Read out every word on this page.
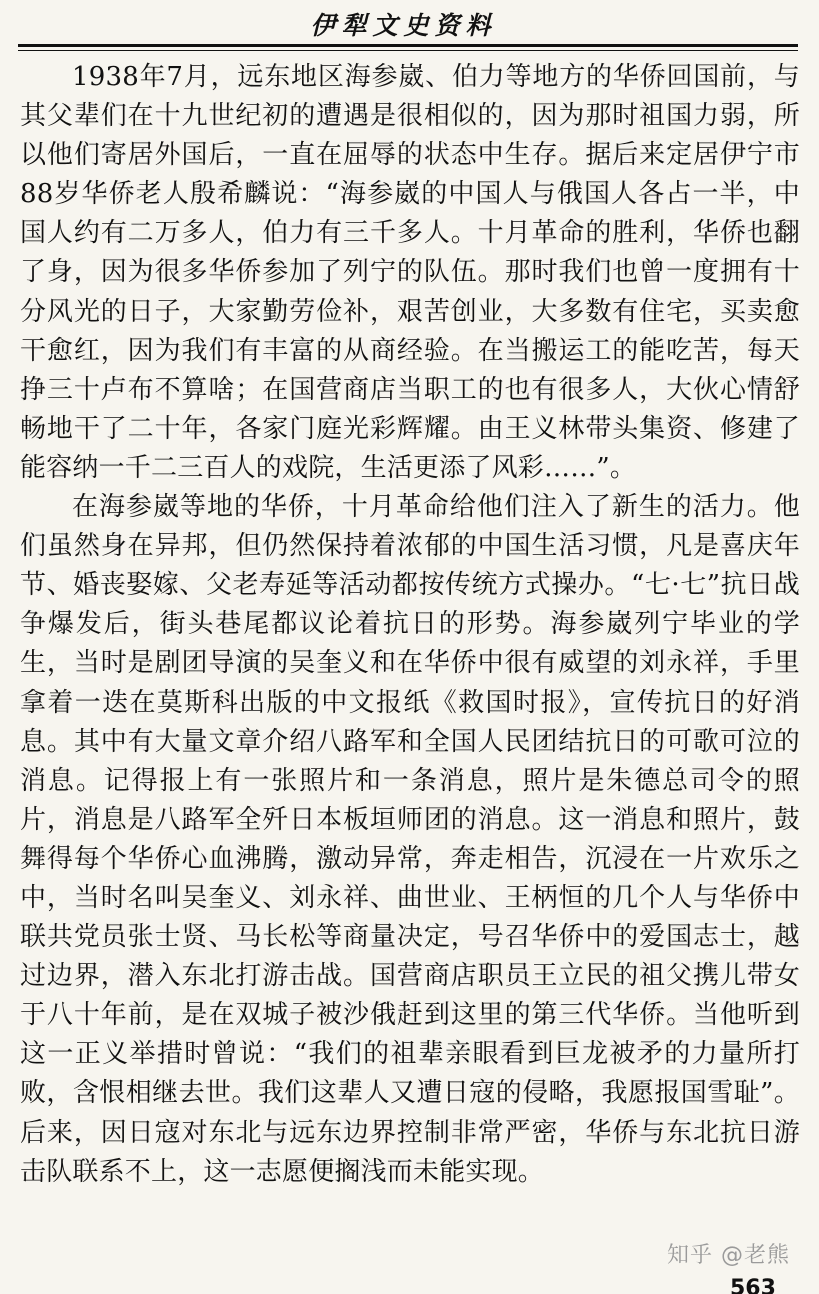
伊犁文史资料

1938年7月，远东地区海参崴、伯力等地方的华侨回国前，与其父辈们在十九世纪初的遭遇是很相似的，因为那时祖国力弱，所以他们寄居外国后，一直在屈辱的状态中生存。据后来定居伊宁市88岁华侨老人殷希麟说：“海参崴的中国人与俄国人各占一半，中国人约有二万多人，伯力有三千多人。十月革命的胜利，华侨也翻了身，因为很多华侨参加了列宁的队伍。那时我们也曾一度拥有十分风光的日子，大家勤劳俭补，艰苦创业，大多数有住宅，买卖愈干愈红，因为我们有丰富的从商经验。在当搬运工的能吃苦，每天挣三十卢布不算啥；在国营商店当职工的也有很多人，大伙心情舒畅地干了二十年，各家门庭光彩辉耀。由王义林带头集资、修建了能容纳一千二三百人的戏院，生活更添了风彩……”。

在海参崴等地的华侨，十月革命给他们注入了新生的活力。他们虽然身在异邦，但仍然保持着浓郁的中国生活习惯，凡是喜庆年节、婚丧娶嫁、父老寿延等活动都按传统方式操办。“七·七”抗日战争爆发后，街头巷尾都议论着抗日的形势。海参崴列宁毕业的学生，当时是剧团导演的吴奎义和在华侨中很有威望的刘永祥，手里拿着一迭在莫斯科出版的中文报纸《救国时报》，宣传抗日的好消息。其中有大量文章介绍八路军和全国人民团结抗日的可歌可泣的消息。记得报上有一张照片和一条消息，照片是朱德总司令的照片，消息是八路军全歼日本板垣师团的消息。这一消息和照片，鼓舞得每个华侨心血沸腾，激动异常，奔走相告，沉浸在一片欢乐之中，当时名叫吴奎义、刘永祥、曲世业、王柄恒的几个人与华侨中联共党员张士贤、马长松等商量决定，号召华侨中的爱国志士，越过边界，潜入东北打游击战。国营商店职员王立民的祖父携儿带女于八十年前，是在双城子被沙俄赶到这里的第三代华侨。当他听到这一正义举措时曾说：“我们的祖辈亲眼看到巨龙被矛的力量所打败，含恨相继去世。我们这辈人又遭日寇的侵略，我愿报国雪耻”。后来，因日寇对东北与远东边界控制非常严密，华侨与东北抗日游击队联系不上，这一志愿便搁浅而未能实现。

知乎 @老熊
563
